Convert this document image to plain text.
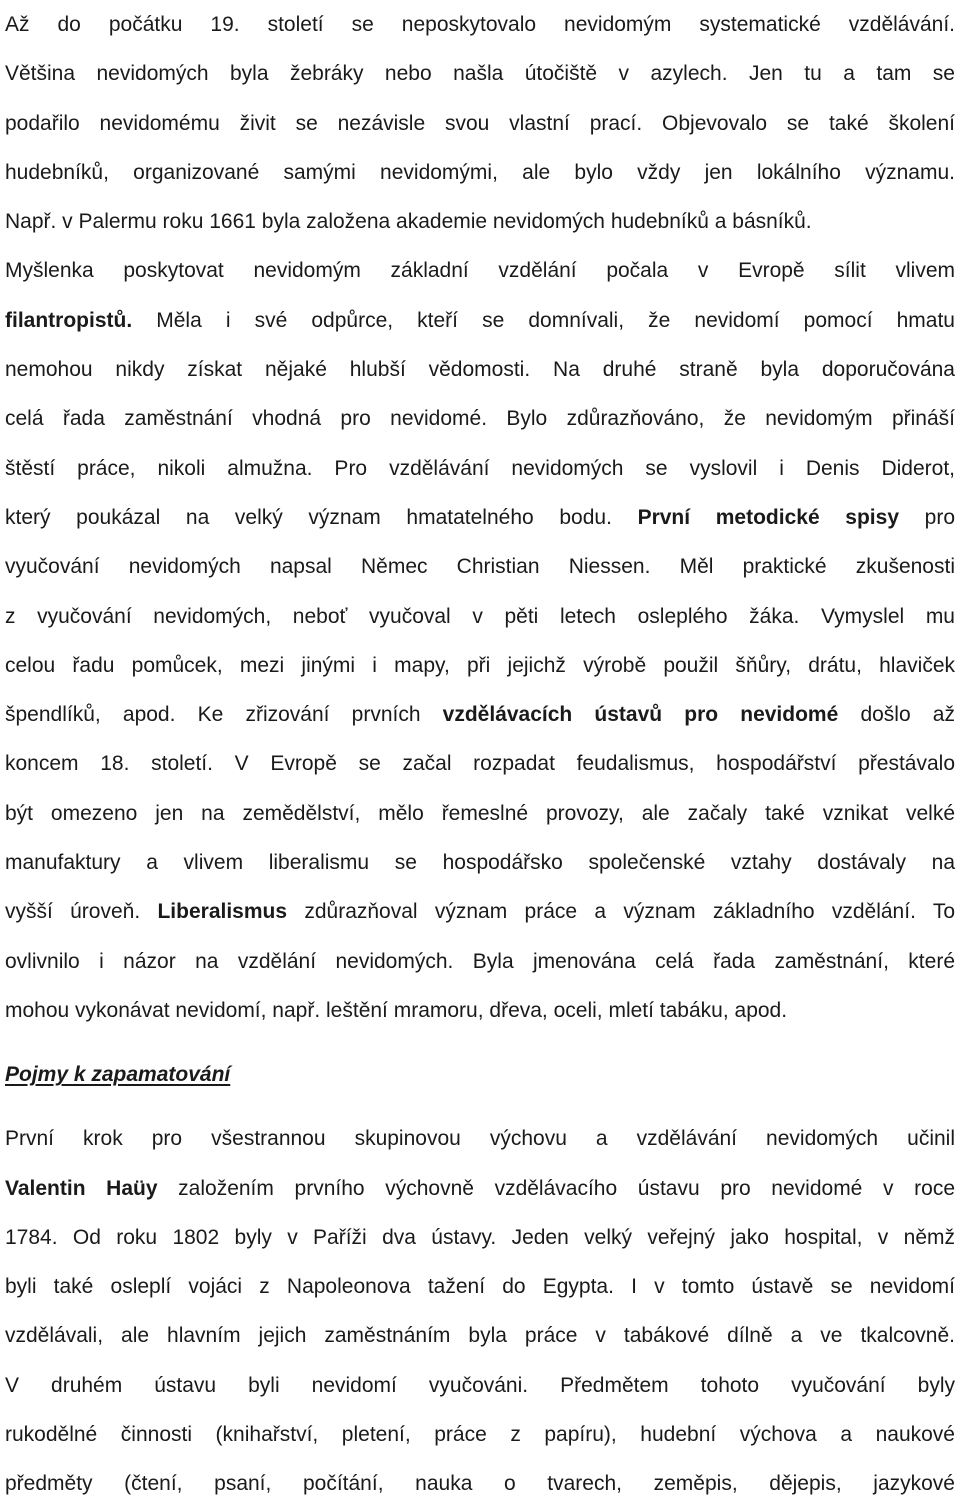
Až do počátku 19. století se neposkytovalo nevidomým systematické vzdělávání.
Většina nevidomých byla žebráky nebo našla útočiště v azylech. Jen tu a tam se
podařilo nevidomému živit se nezávisle svou vlastní prací. Objevovalo se také školení
hudebníků, organizované samými nevidomými, ale bylo vždy jen lokálního významu.
Např. v Palermu roku 1661 byla založena akademie nevidomých hudebníků a básníků.
Myšlenka poskytovat nevidomým základní vzdělání počala v Evropě sílit vlivem
filantropistů. Měla i své odpůrce, kteří se domnívali, že nevidomí pomocí hmatu
nemohou nikdy získat nějaké hlubší vědomosti. Na druhé straně byla doporučována
celá řada zaměstnání vhodná pro nevidomé. Bylo zdůrazňováno, že nevidomým přináší
štěstí práce, nikoli almužna. Pro vzdělávání nevidomých se vyslovil i Denis Diderot,
který poukázal na velký význam hmatatelného bodu. První metodické spisy pro
vyučování nevidomých napsal Němec Christian Niessen. Měl praktické zkušenosti
z vyučování nevidomých, neboť vyučoval v pěti letech osleplého žáka. Vymyslel mu
celou řadu pomůcek, mezi jinými i mapy, při jejichž výrobě použil šňůry, drátu, hlaviček
špendlíků, apod. Ke zřizování prvních vzdělávacích ústavů pro nevidomé došlo až
koncem 18. století. V Evropě se začal rozpadat feudalismus, hospodářství přestávalo
být omezeno jen na zemědělství, mělo řemeslné provozy, ale začaly také vznikat velké
manufaktury a vlivem liberalismu se hospodářsko společenské vztahy dostávaly na
vyšší úroveň. Liberalismus zdůrazňoval význam práce a význam základního vzdělání. To
ovlivnilo i názor na vzdělání nevidomých. Byla jmenována celá řada zaměstnání, které
mohou vykonávat nevidomí, např. leštění mramoru, dřeva, oceli, mletí tabáku, apod.
Pojmy k zapamatování
První krok pro všestrannou skupinovou výchovu a vzdělávání nevidomých učinil
Valentin Haüy založením prvního výchovně vzdělávacího ústavu pro nevidomé v roce
1784. Od roku 1802 byly v Paříži dva ústavy. Jeden velký veřejný jako hospital, v němž
byli také osleplí vojáci z Napoleonova tažení do Egypta. I v tomto ústavě se nevidomí
vzdělávali, ale hlavním jejich zaměstnáním byla práce v tabákové dílně a ve tkalcovně.
V druhém ústavu byli nevidomí vyučováni. Předmětem tohoto vyučování byly
rukodělné činnosti (knihařství, pletení, práce z papíru), hudební výchova a naukové
předměty (čtení, psaní, počítání, nauka o tvarech, zeměpis, dějepis, jazykové
